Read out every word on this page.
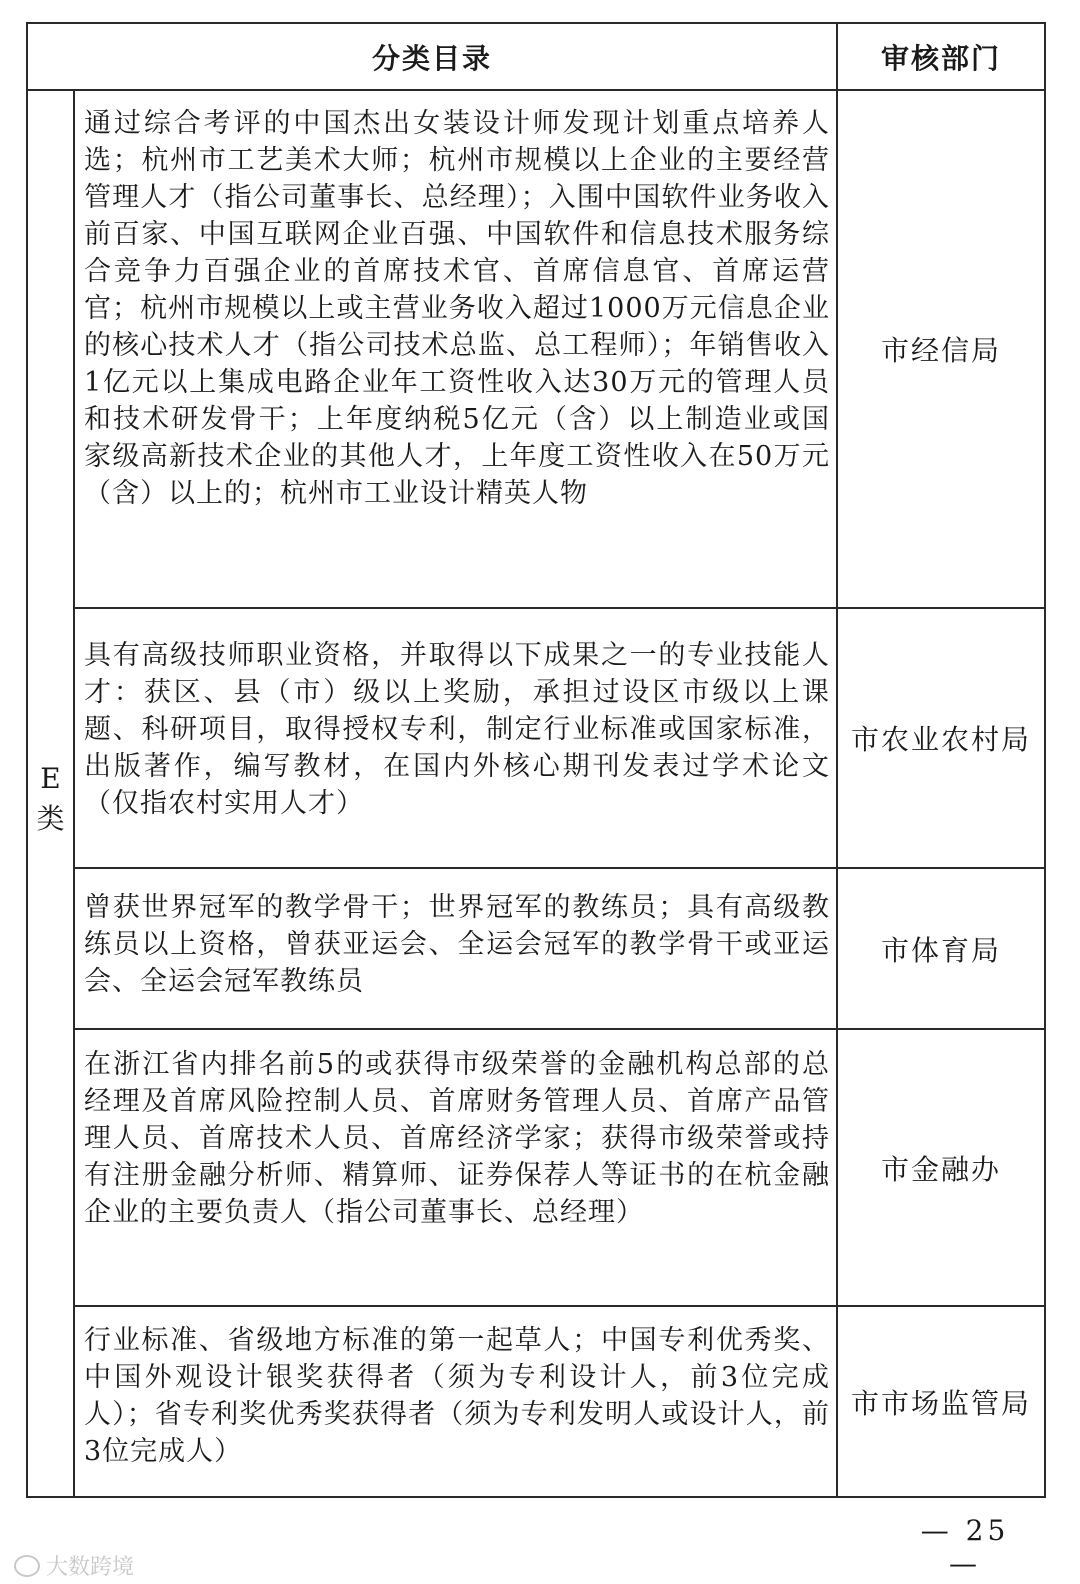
分类目录	审核部门
E
类
通过综合考评的中国杰出女装设计师发现计划重点培养人选；杭州市工艺美术大师；杭州市规模以上企业的主要经营管理人才（指公司董事长、总经理）；入围中国软件业务收入前百家、中国互联网企业百强、中国软件和信息技术服务综合竞争力百强企业的首席技术官、首席信息官、首席运营官；杭州市规模以上或主营业务收入超过1000万元信息企业的核心技术人才（指公司技术总监、总工程师）；年销售收入1亿元以上集成电路企业年工资性收入达30万元的管理人员和技术研发骨干；上年度纳税5亿元（含）以上制造业或国家级高新技术企业的其他人才，上年度工资性收入在50万元（含）以上的；杭州市工业设计精英人物
市经信局
具有高级技师职业资格，并取得以下成果之一的专业技能人才：获区、县（市）级以上奖励，承担过设区市级以上课题、科研项目，取得授权专利，制定行业标准或国家标准，出版著作，编写教材，在国内外核心期刊发表过学术论文（仅指农村实用人才）
市农业农村局
曾获世界冠军的教学骨干；世界冠军的教练员；具有高级教练员以上资格，曾获亚运会、全运会冠军的教学骨干或亚运会、全运会冠军教练员
市体育局
在浙江省内排名前5的或获得市级荣誉的金融机构总部的总经理及首席风险控制人员、首席财务管理人员、首席产品管理人员、首席技术人员、首席经济学家；获得市级荣誉或持有注册金融分析师、精算师、证券保荐人等证书的在杭金融企业的主要负责人（指公司董事长、总经理）
市金融办
行业标准、省级地方标准的第一起草人；中国专利优秀奖、中国外观设计银奖获得者（须为专利设计人，前3位完成人）；省专利奖优秀奖获得者（须为专利发明人或设计人，前3位完成人）
市市场监管局
— 25 —
大数跨境
